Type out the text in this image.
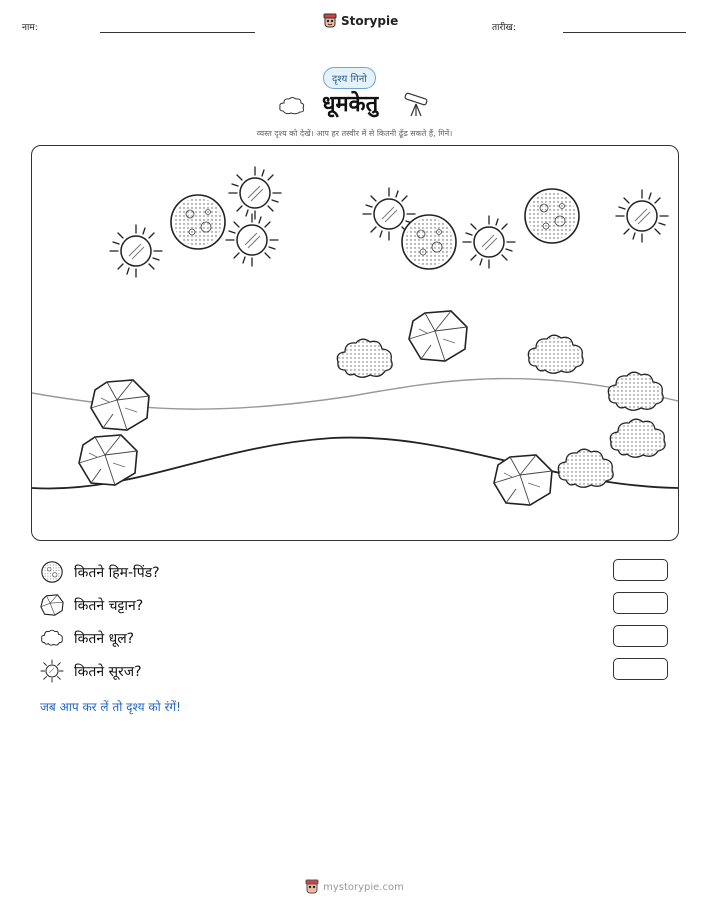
नाम:	Storypie	तारीख:
दृश्य गिनो
धूमकेतु
व्यस्त दृश्य को देखें। आप हर तस्वीर में से कितनी ढूँढ सकते हैं, गिनें।
कितने हिम-पिंड?
कितने चट्टान?
कितने धूल?
कितने सूरज?
जब आप कर लें तो दृश्य को रंगें!
mystorypie.com
